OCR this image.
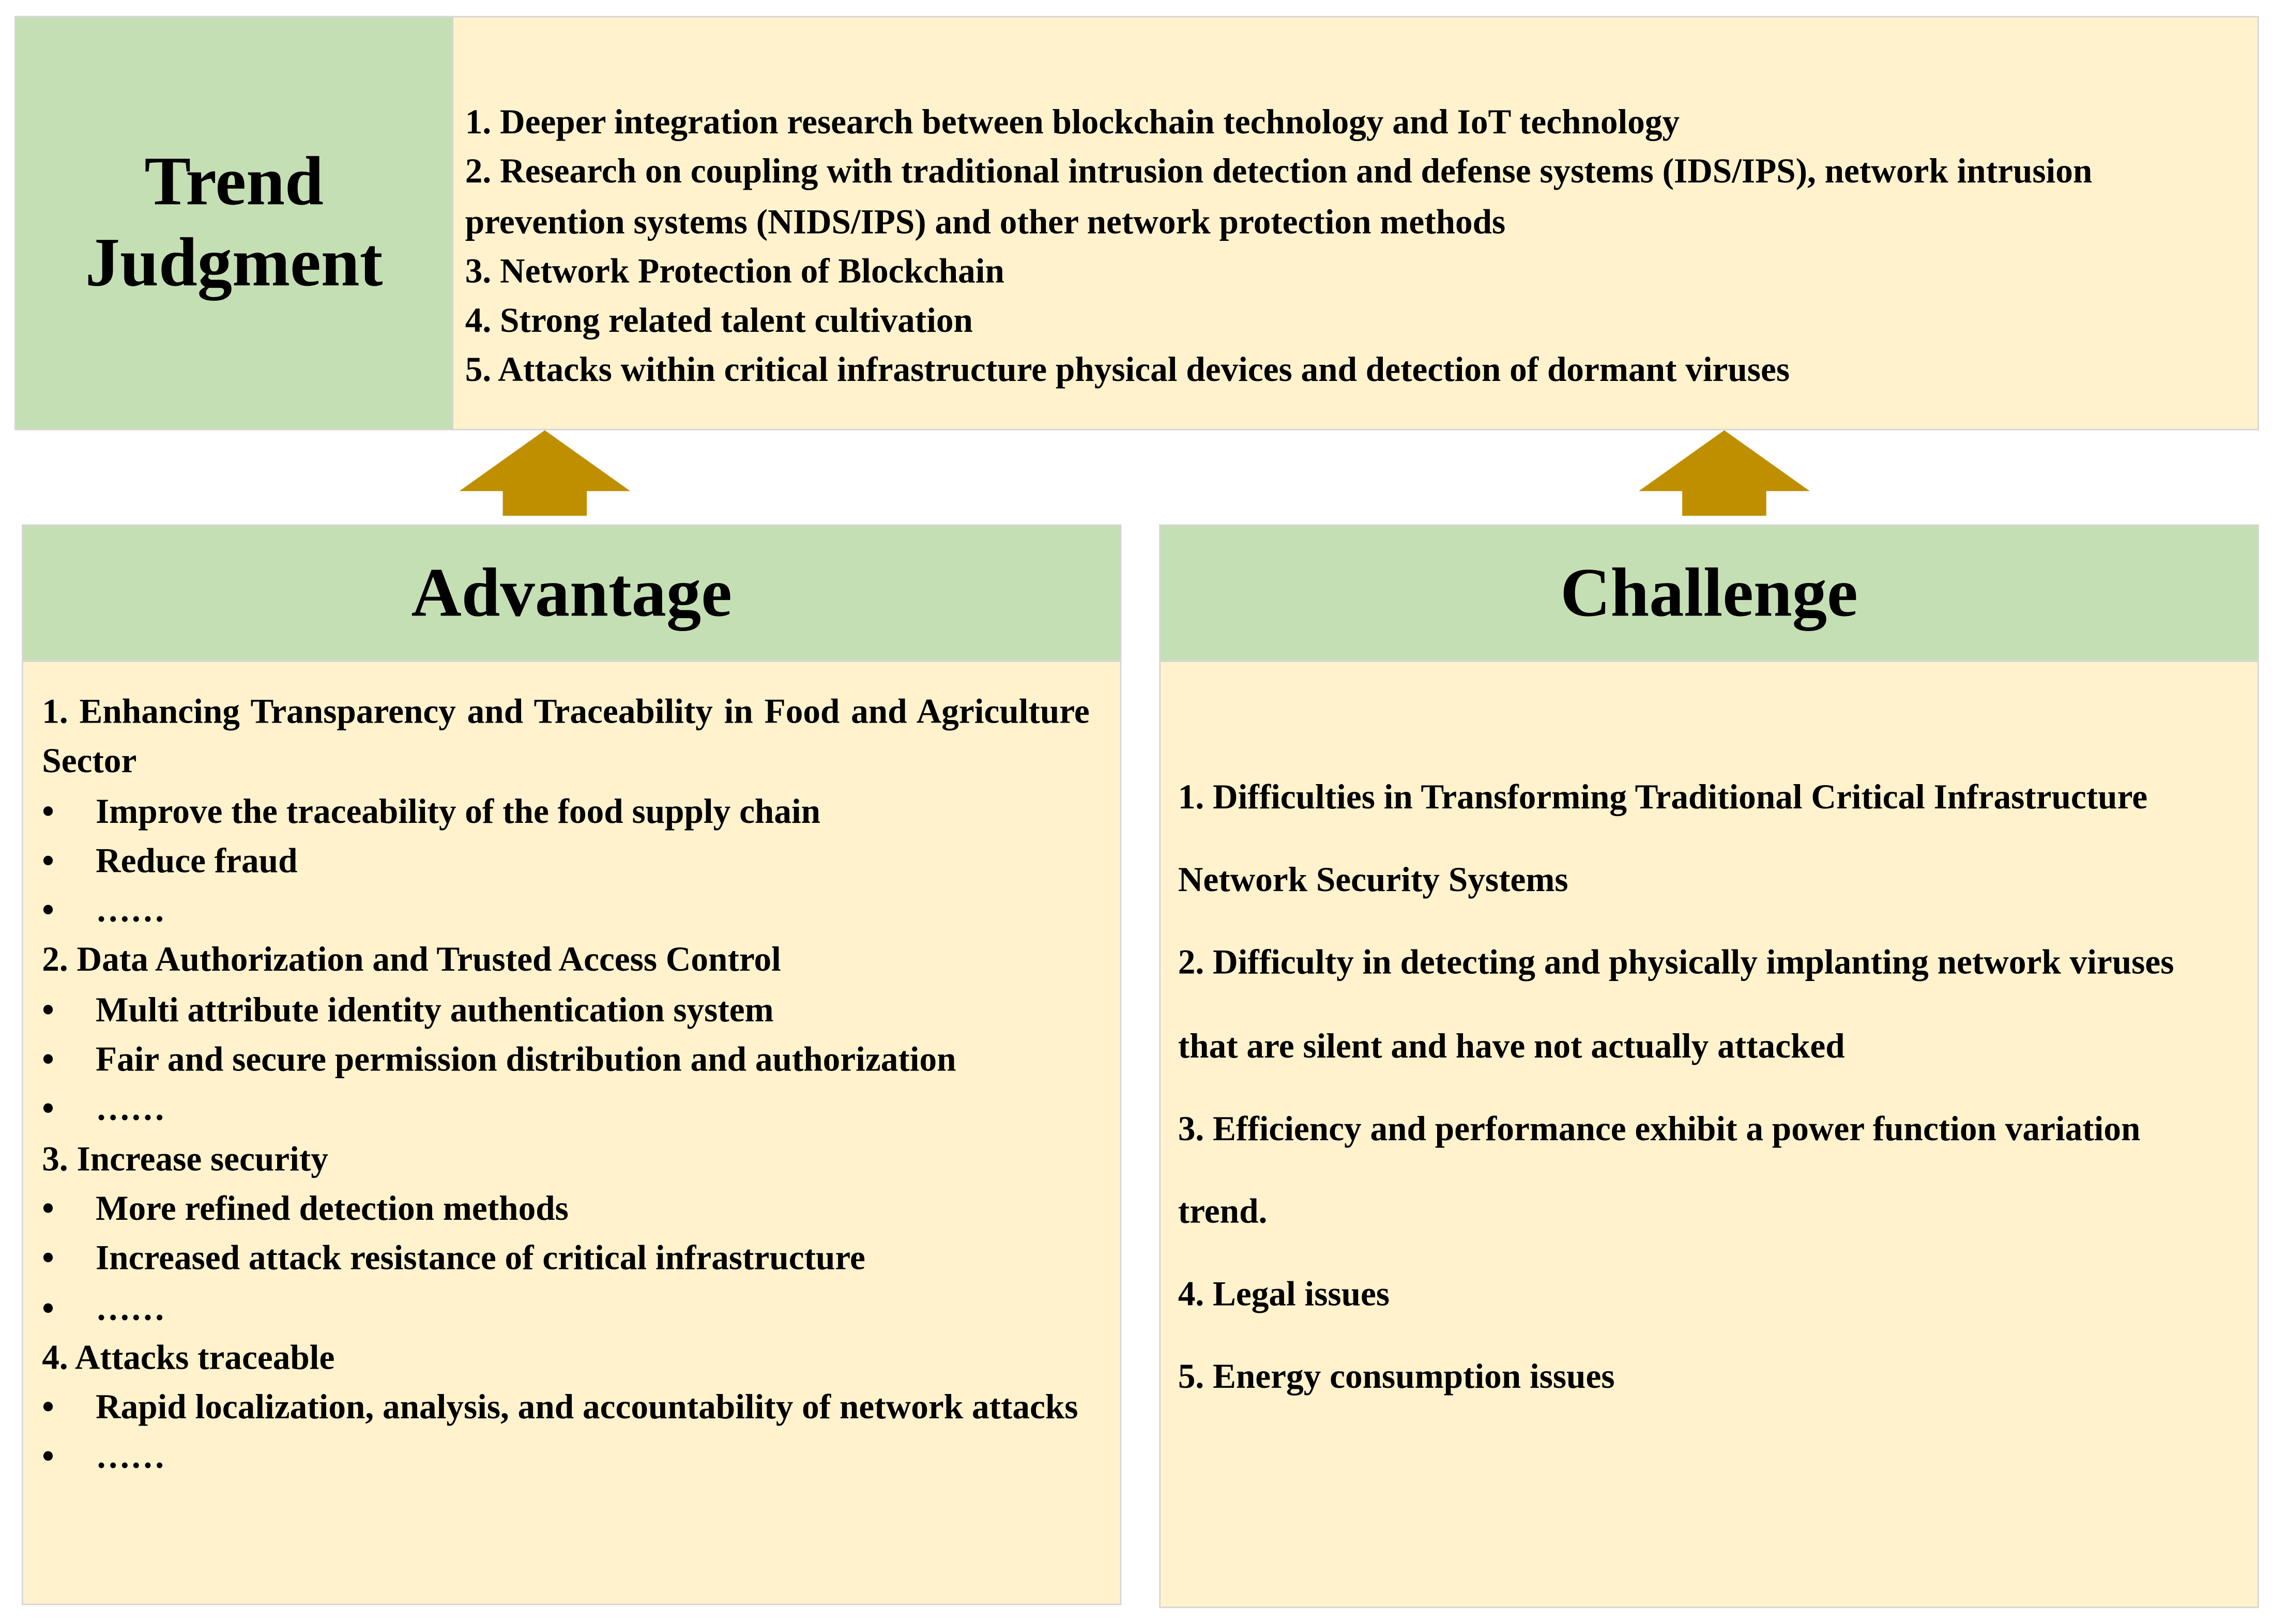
Trend
Judgment

1. Deeper integration research between blockchain technology and IoT technology

2. Research on coupling with traditional intrusion detection and defense systems (IDS/IPS), network intrusion prevention systems (NIDS/IPS) and other network protection methods

3. Network Protection of Blockchain

4. Strong related talent cultivation

5. Attacks within critical infrastructure physical devices and detection of dormant viruses

Advantage

1. Enhancing Transparency and Traceability in Food and Agriculture Sector

• Improve the traceability of the food supply chain

• Reduce fraud

• ……

2. Data Authorization and Trusted Access Control

• Multi attribute identity authentication system

• Fair and secure permission distribution and authorization

• ……

3. Increase security

• More refined detection methods

• Increased attack resistance of critical infrastructure

• ……

4. Attacks traceable

• Rapid localization, analysis, and accountability of network attacks

• ……

Challenge

1. Difficulties in Transforming Traditional Critical Infrastructure Network Security Systems

2. Difficulty in detecting and physically implanting network viruses that are silent and have not actually attacked

3. Efficiency and performance exhibit a power function variation trend.

4. Legal issues

5. Energy consumption issues
